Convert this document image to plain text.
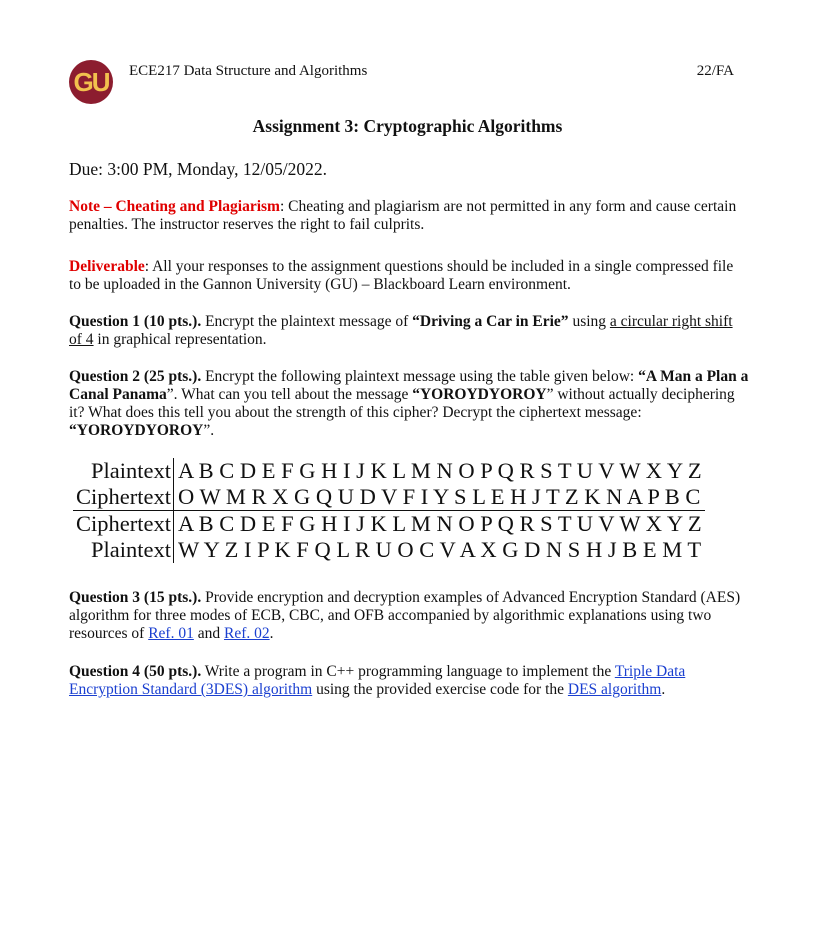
GU	ECE217 Data Structure and Algorithms	22/FA
Assignment 3: Cryptographic Algorithms
Due: 3:00 PM, Monday, 12/05/2022.
Note – Cheating and Plagiarism: Cheating and plagiarism are not permitted in any form and cause certain penalties. The instructor reserves the right to fail culprits.
Deliverable: All your responses to the assignment questions should be included in a single compressed file to be uploaded in the Gannon University (GU) – Blackboard Learn environment.
Question 1 (10 pts.). Encrypt the plaintext message of “Driving a Car in Erie” using a circular right shift of 4 in graphical representation.
Question 2 (25 pts.). Encrypt the following plaintext message using the table given below: “A Man a Plan a Canal Panama”. What can you tell about the message “YOROYDYOROY” without actually deciphering it? What does this tell you about the strength of this cipher? Decrypt the ciphertext message: “YOROYDYOROY”.
Plaintext	A B C D E F G H I J K L M N O P Q R S T U V W X Y Z
Ciphertext	O W M R X G Q U D V F I Y S L E H J T Z K N A P B C
Ciphertext	A B C D E F G H I J K L M N O P Q R S T U V W X Y Z
Plaintext	W Y Z I P K F Q L R U O C V A X G D N S H J B E M T
Question 3 (15 pts.). Provide encryption and decryption examples of Advanced Encryption Standard (AES) algorithm for three modes of ECB, CBC, and OFB accompanied by algorithmic explanations using two resources of Ref. 01 and Ref. 02.
Question 4 (50 pts.). Write a program in C++ programming language to implement the Triple Data Encryption Standard (3DES) algorithm using the provided exercise code for the DES algorithm.
